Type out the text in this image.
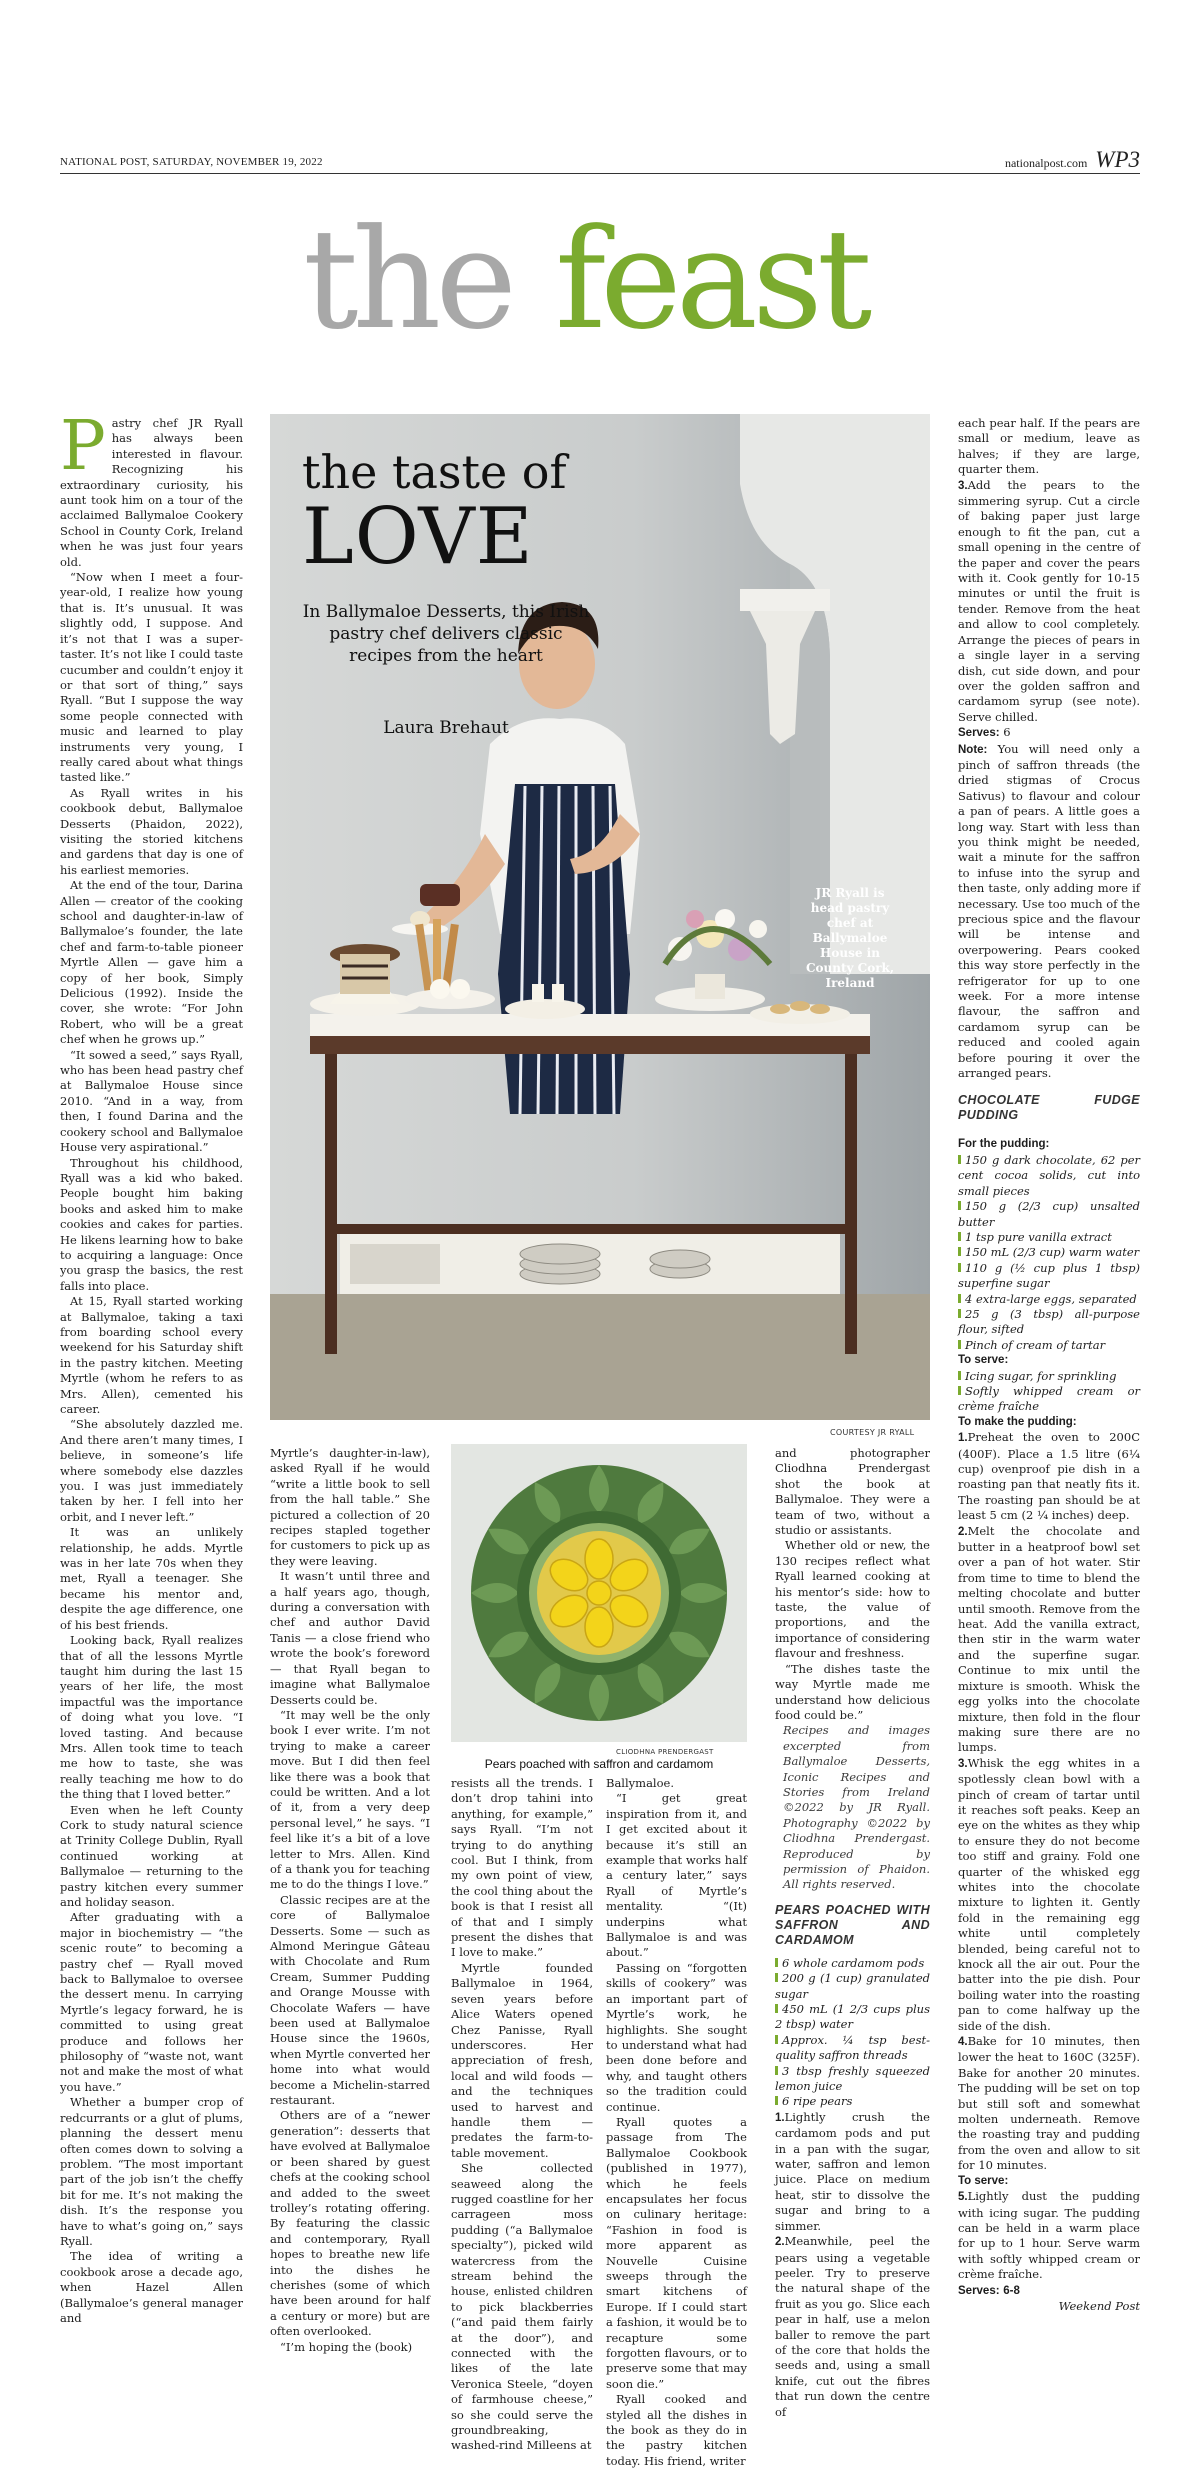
NATIONAL POST, SATURDAY, NOVEMBER 19, 2022	nationalpost.com WP3
the feast
the taste of
LOVE
In Ballymaloe Desserts, this Irish pastry chef delivers classic recipes from the heart
Laura Brehaut
JR Ryall is head pastry chef at Ballymaloe House in County Cork, Ireland
COURTESY JR RYALL
CLIODHNA PRENDERGAST
Pears poached with saffron and cardamom

Pastry chef JR Ryall has always been interested in flavour. Recognizing his extraordinary curiosity, his aunt took him on a tour of the acclaimed Ballymaloe Cookery School in County Cork, Ireland when he was just four years old.

“Now when I meet a four-year-old, I realize how young that is. It’s unusual. It was slightly odd, I suppose. And it’s not that I was a super-taster. It’s not like I could taste cucumber and couldn’t enjoy it or that sort of thing,” says Ryall. “But I suppose the way some people connected with music and learned to play instruments very young, I really cared about what things tasted like.”

As Ryall writes in his cookbook debut, Ballymaloe Desserts (Phaidon, 2022), visiting the storied kitchens and gardens that day is one of his earliest memories.

At the end of the tour, Darina Allen — creator of the cooking school and daughter-in-law of Ballymaloe’s founder, the late chef and farm-to-table pioneer Myrtle Allen — gave him a copy of her book, Simply Delicious (1992). Inside the cover, she wrote: “For John Robert, who will be a great chef when he grows up.”

“It sowed a seed,” says Ryall, who has been head pastry chef at Ballymaloe House since 2010. “And in a way, from then, I found Darina and the cookery school and Ballymaloe House very aspirational.”

Throughout his childhood, Ryall was a kid who baked. People bought him baking books and asked him to make cookies and cakes for parties. He likens learning how to bake to acquiring a language: Once you grasp the basics, the rest falls into place.

At 15, Ryall started working at Ballymaloe, taking a taxi from boarding school every weekend for his Saturday shift in the pastry kitchen. Meeting Myrtle (whom he refers to as Mrs. Allen), cemented his career.

“She absolutely dazzled me. And there aren’t many times, I believe, in someone’s life where somebody else dazzles you. I was just immediately taken by her. I fell into her orbit, and I never left.”

It was an unlikely relationship, he adds. Myrtle was in her late 70s when they met, Ryall a teenager. She became his mentor and, despite the age difference, one of his best friends.

Looking back, Ryall realizes that of all the lessons Myrtle taught him during the last 15 years of her life, the most impactful was the importance of doing what you love. “I loved tasting. And because Mrs. Allen took time to teach me how to taste, she was really teaching me how to do the thing that I loved better.”

Even when he left County Cork to study natural science at Trinity College Dublin, Ryall continued working at Ballymaloe — returning to the pastry kitchen every summer and holiday season.

After graduating with a major in biochemistry — “the scenic route” to becoming a pastry chef — Ryall moved back to Ballymaloe to oversee the dessert menu. In carrying Myrtle’s legacy forward, he is committed to using great produce and follows her philosophy of “waste not, want not and make the most of what you have.”

Whether a bumper crop of redcurrants or a glut of plums, planning the dessert menu often comes down to solving a problem. “The most important part of the job isn’t the cheffy bit for me. It’s not making the dish. It’s the response you have to what’s going on,” says Ryall.

The idea of writing a cookbook arose a decade ago, when Hazel Allen (Ballymaloe’s general manager and

Myrtle’s daughter-in-law), asked Ryall if he would “write a little book to sell from the hall table.” She pictured a collection of 20 recipes stapled together for customers to pick up as they were leaving.

It wasn’t until three and a half years ago, though, during a conversation with chef and author David Tanis — a close friend who wrote the book’s foreword — that Ryall began to imagine what Ballymaloe Desserts could be.

“It may well be the only book I ever write. I’m not trying to make a career move. But I did then feel like there was a book that could be written. And a lot of it, from a very deep personal level,” he says. “I feel like it’s a bit of a love letter to Mrs. Allen. Kind of a thank you for teaching me to do the things I love.”

Classic recipes are at the core of Ballymaloe Desserts. Some — such as Almond Meringue Gâteau with Chocolate and Rum Cream, Summer Pudding and Orange Mousse with Chocolate Wafers — have been used at Ballymaloe House since the 1960s, when Myrtle converted her home into what would become a Michelin-starred restaurant.

Others are of a “newer generation”: desserts that have evolved at Ballymaloe or been shared by guest chefs at the cooking school and added to the sweet trolley’s rotating offering. By featuring the classic and contemporary, Ryall hopes to breathe new life into the dishes he cherishes (some of which have been around for half a century or more) but are often overlooked.

“I’m hoping the (book)

resists all the trends. I don’t drop tahini into anything, for example,” says Ryall. “I’m not trying to do anything cool. But I think, from my own point of view, the cool thing about the book is that I resist all of that and I simply present the dishes that I love to make.”

Myrtle founded Ballymaloe in 1964, seven years before Alice Waters opened Chez Panisse, Ryall underscores. Her appreciation of fresh, local and wild foods — and the techniques used to harvest and handle them — predates the farm-to-table movement.

She collected seaweed along the rugged coastline for her carrageen moss pudding (“a Ballymaloe specialty”), picked wild watercress from the stream behind the house, enlisted children to pick blackberries (“and paid them fairly at the door”), and connected with the likes of the late Veronica Steele, “doyen of farmhouse cheese,” so she could serve the groundbreaking, washed-rind Milleens at

Ballymaloe.

“I get great inspiration from it, and I get excited about it because it’s still an example that works half a century later,” says Ryall of Myrtle’s mentality. “(It) underpins what Ballymaloe is and was about.”

Passing on “forgotten skills of cookery” was an important part of Myrtle’s work, he highlights. She sought to understand what had been done before and why, and taught others so the tradition could continue.

Ryall quotes a passage from The Ballymaloe Cookbook (published in 1977), which he feels encapsulates her focus on culinary heritage: “Fashion in food is more apparent as Nouvelle Cuisine sweeps through the smart kitchens of Europe. If I could start a fashion, it would be to recapture some forgotten flavours, or to preserve some that may soon die.”

Ryall cooked and styled all the dishes in the book as they do in the pastry kitchen today. His friend, writer

and photographer Cliodhna Prendergast shot the book at Ballymaloe. They were a team of two, without a studio or assistants.

Whether old or new, the 130 recipes reflect what Ryall learned cooking at his mentor’s side: how to taste, the value of proportions, and the importance of considering flavour and freshness.

“The dishes taste the way Myrtle made me understand how delicious food could be.”

Recipes and images excerpted from Ballymaloe Desserts, Iconic Recipes and Stories from Ireland ©2022 by JR Ryall. Photography ©2022 by Cliodhna Prendergast. Reproduced by permission of Phaidon. All rights reserved.

PEARS POACHED WITH SAFFRON AND CARDAMOM

6 whole cardamom pods

200 g (1 cup) granulated sugar

450 mL (1 2/3 cups plus 2 tbsp) water

Approx. ¼ tsp best-quality saffron threads

3 tbsp freshly squeezed lemon juice

6 ripe pears

1.Lightly crush the cardamom pods and put in a pan with the sugar, water, saffron and lemon juice. Place on medium heat, stir to dissolve the sugar and bring to a simmer.

2.Meanwhile, peel the pears using a vegetable peeler. Try to preserve the natural shape of the fruit as you go. Slice each pear in half, use a melon baller to remove the part of the core that holds the seeds and, using a small knife, cut out the fibres that run down the centre of

each pear half. If the pears are small or medium, leave as halves; if they are large, quarter them.

3.Add the pears to the simmering syrup. Cut a circle of baking paper just large enough to fit the pan, cut a small opening in the centre of the paper and cover the pears with it. Cook gently for 10-15 minutes or until the fruit is tender. Remove from the heat and allow to cool completely. Arrange the pieces of pears in a single layer in a serving dish, cut side down, and pour over the golden saffron and cardamom syrup (see note). Serve chilled.

Serves: 6

Note: You will need only a pinch of saffron threads (the dried stigmas of Crocus Sativus) to flavour and colour a pan of pears. A little goes a long way. Start with less than you think might be needed, wait a minute for the saffron to infuse into the syrup and then taste, only adding more if necessary. Use too much of the precious spice and the flavour will be intense and overpowering. Pears cooked this way store perfectly in the refrigerator for up to one week. For a more intense flavour, the saffron and cardamom syrup can be reduced and cooled again before pouring it over the arranged pears.

CHOCOLATE FUDGE PUDDING

For the pudding:

150 g dark chocolate, 62 per cent cocoa solids, cut into small pieces

150 g (2/3 cup) unsalted butter

1 tsp pure vanilla extract

150 mL (2/3 cup) warm water

110 g (½ cup plus 1 tbsp) superfine sugar

4 extra-large eggs, separated

25 g (3 tbsp) all-purpose flour, sifted

Pinch of cream of tartar

To serve:

Icing sugar, for sprinkling

Softly whipped cream or crème fraîche

To make the pudding:

1.Preheat the oven to 200C (400F). Place a 1.5 litre (6¼ cup) ovenproof pie dish in a roasting pan that neatly fits it. The roasting pan should be at least 5 cm (2 ¼ inches) deep.

2.Melt the chocolate and butter in a heatproof bowl set over a pan of hot water. Stir from time to time to blend the melting chocolate and butter until smooth. Remove from the heat. Add the vanilla extract, then stir in the warm water and the superfine sugar. Continue to mix until the mixture is smooth. Whisk the egg yolks into the chocolate mixture, then fold in the flour making sure there are no lumps.

3.Whisk the egg whites in a spotlessly clean bowl with a pinch of cream of tartar until it reaches soft peaks. Keep an eye on the whites as they whip to ensure they do not become too stiff and grainy. Fold one quarter of the whisked egg whites into the chocolate mixture to lighten it. Gently fold in the remaining egg white until completely blended, being careful not to knock all the air out. Pour the batter into the pie dish. Pour boiling water into the roasting pan to come halfway up the side of the dish.

4.Bake for 10 minutes, then lower the heat to 160C (325F). Bake for another 20 minutes. The pudding will be set on top but still soft and somewhat molten underneath. Remove the roasting tray and pudding from the oven and allow to sit for 10 minutes.

To serve:

5.Lightly dust the pudding with icing sugar. The pudding can be held in a warm place for up to 1 hour. Serve warm with softly whipped cream or crème fraîche.

Serves: 6-8

Weekend Post
